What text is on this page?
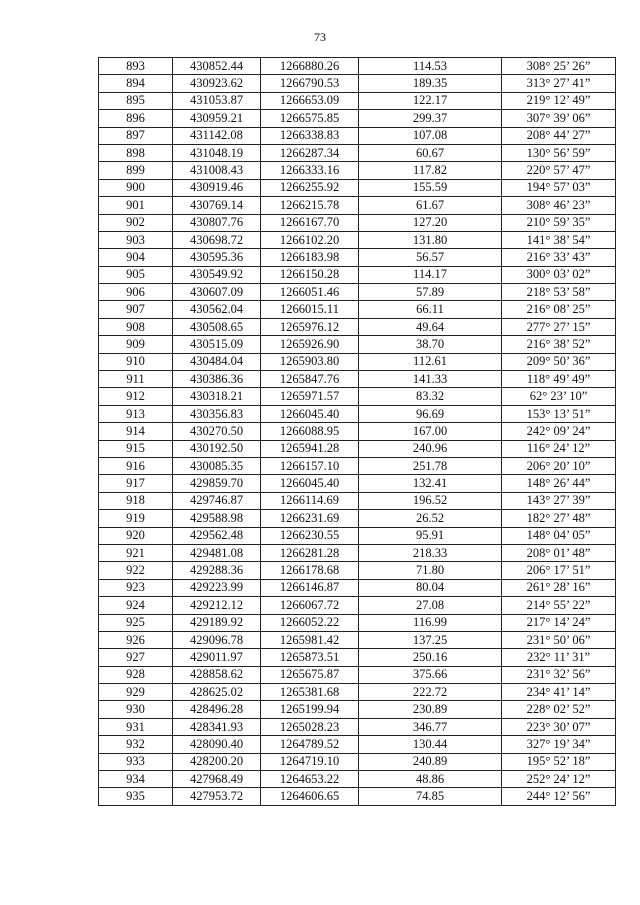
73
893	430852.44	1266880.26	114.53	308° 25’ 26”
894	430923.62	1266790.53	189.35	313° 27’ 41”
895	431053.87	1266653.09	122.17	219° 12’ 49”
896	430959.21	1266575.85	299.37	307° 39’ 06”
897	431142.08	1266338.83	107.08	208° 44’ 27”
898	431048.19	1266287.34	60.67	130° 56’ 59”
899	431008.43	1266333.16	117.82	220° 57’ 47”
900	430919.46	1266255.92	155.59	194° 57’ 03”
901	430769.14	1266215.78	61.67	308° 46’ 23”
902	430807.76	1266167.70	127.20	210° 59’ 35”
903	430698.72	1266102.20	131.80	141° 38’ 54”
904	430595.36	1266183.98	56.57	216° 33’ 43”
905	430549.92	1266150.28	114.17	300° 03’ 02”
906	430607.09	1266051.46	57.89	218° 53’ 58”
907	430562.04	1266015.11	66.11	216° 08’ 25”
908	430508.65	1265976.12	49.64	277° 27’ 15”
909	430515.09	1265926.90	38.70	216° 38’ 52”
910	430484.04	1265903.80	112.61	209° 50’ 36”
911	430386.36	1265847.76	141.33	118° 49’ 49”
912	430318.21	1265971.57	83.32	62° 23’ 10”
913	430356.83	1266045.40	96.69	153° 13’ 51”
914	430270.50	1266088.95	167.00	242° 09’ 24”
915	430192.50	1265941.28	240.96	116° 24’ 12”
916	430085.35	1266157.10	251.78	206° 20’ 10”
917	429859.70	1266045.40	132.41	148° 26’ 44”
918	429746.87	1266114.69	196.52	143° 27’ 39”
919	429588.98	1266231.69	26.52	182° 27’ 48”
920	429562.48	1266230.55	95.91	148° 04’ 05”
921	429481.08	1266281.28	218.33	208° 01’ 48”
922	429288.36	1266178.68	71.80	206° 17’ 51”
923	429223.99	1266146.87	80.04	261° 28’ 16”
924	429212.12	1266067.72	27.08	214° 55’ 22”
925	429189.92	1266052.22	116.99	217° 14’ 24”
926	429096.78	1265981.42	137.25	231° 50’ 06”
927	429011.97	1265873.51	250.16	232° 11’ 31”
928	428858.62	1265675.87	375.66	231° 32’ 56”
929	428625.02	1265381.68	222.72	234° 41’ 14”
930	428496.28	1265199.94	230.89	228° 02’ 52”
931	428341.93	1265028.23	346.77	223° 30’ 07”
932	428090.40	1264789.52	130.44	327° 19’ 34”
933	428200.20	1264719.10	240.89	195° 52’ 18”
934	427968.49	1264653.22	48.86	252° 24’ 12”
935	427953.72	1264606.65	74.85	244° 12’ 56”
